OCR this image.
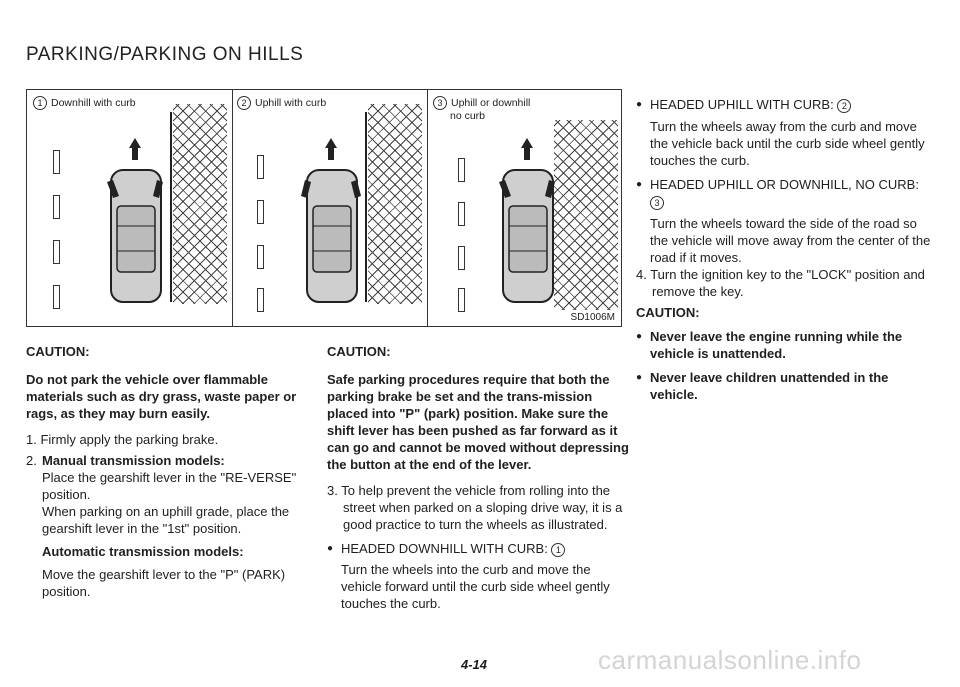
PARKING/PARKING ON HILLS
1 Downhill with curb	2 Uphill with curb	3 Uphill or downhill
no curb
SD1006M

CAUTION:

Do not park the vehicle over flammable materials such as dry grass, waste paper or rags, as they may burn easily.

1. Firmly apply the parking brake.

2. Manual transmission models:

Place the gearshift lever in the "RE-VERSE" position.

When parking on an uphill grade, place the gearshift lever in the "1st" position.

Automatic transmission models:

Move the gearshift lever to the "P" (PARK) position.

CAUTION:

Safe parking procedures require that both the parking brake be set and the trans-mission placed into "P" (park) position. Make sure the shift lever has been pushed as far forward as it can go and cannot be moved without depressing the button at the end of the lever.

3. To help prevent the vehicle from rolling into the street when parked on a sloping drive way, it is a good practice to turn the wheels as illustrated.

● HEADED DOWNHILL WITH CURB: 1

Turn the wheels into the curb and move the vehicle forward until the curb side wheel gently touches the curb.

● HEADED UPHILL WITH CURB: 2

Turn the wheels away from the curb and move the vehicle back until the curb side wheel gently touches the curb.

● HEADED UPHILL OR DOWNHILL, NO CURB: 3

Turn the wheels toward the side of the road so the vehicle will move away from the center of the road if it moves.

4. Turn the ignition key to the "LOCK" position and remove the key.

CAUTION:

● Never leave the engine running while the vehicle is unattended.

● Never leave children unattended in the vehicle.

4-14	carmanualsonline.info
